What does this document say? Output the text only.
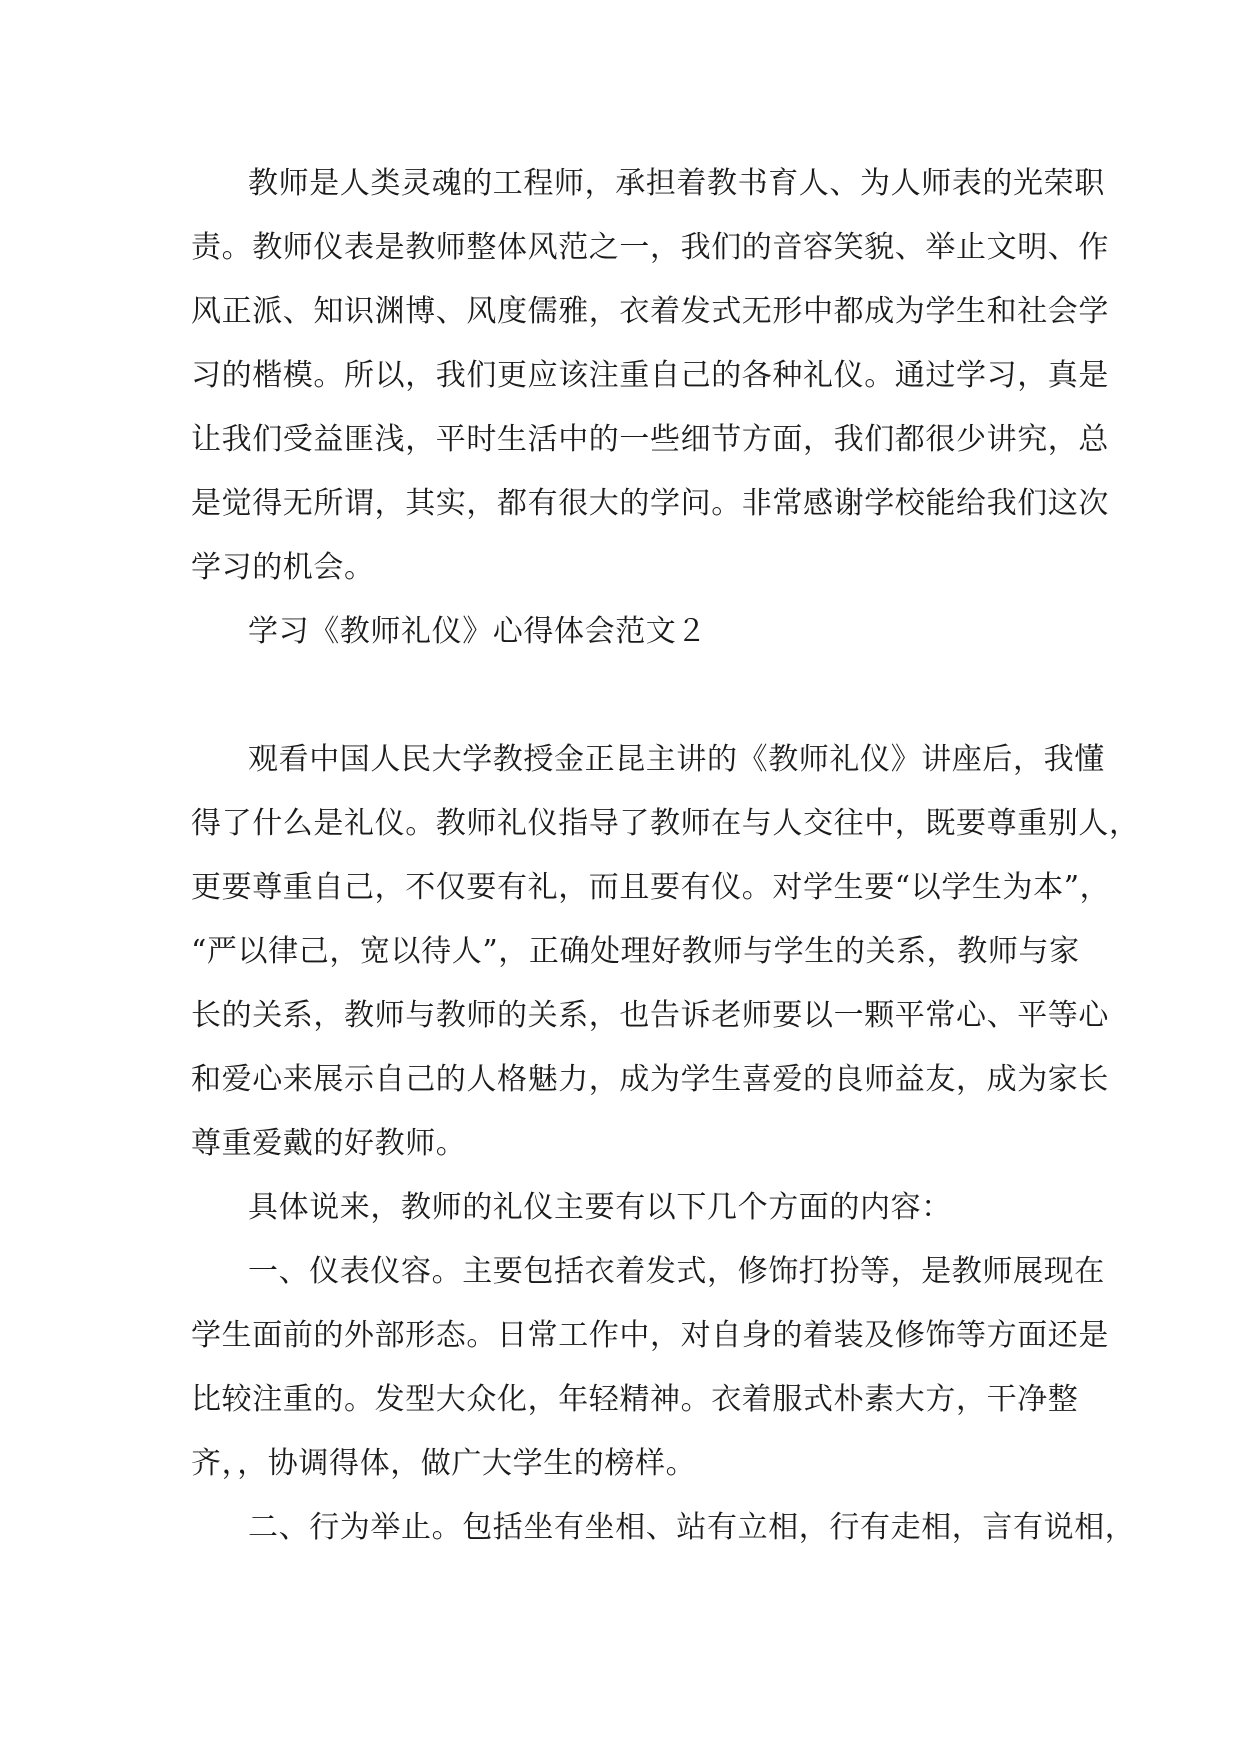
教师是人类灵魂的工程师，承担着教书育人、为人师表的光荣职
责。教师仪表是教师整体风范之一，我们的音容笑貌、举止文明、作
风正派、知识渊博、风度儒雅，衣着发式无形中都成为学生和社会学
习的楷模。所以，我们更应该注重自己的各种礼仪。通过学习，真是
让我们受益匪浅，平时生活中的一些细节方面，我们都很少讲究，总
是觉得无所谓，其实，都有很大的学问。非常感谢学校能给我们这次
学习的机会。
学习《教师礼仪》心得体会范文２
观看中国人民大学教授金正昆主讲的《教师礼仪》讲座后，我懂
得了什么是礼仪。教师礼仪指导了教师在与人交往中，既要尊重别人，
更要尊重自己，不仅要有礼，而且要有仪。对学生要“以学生为本”，
“严以律己，宽以待人”，正确处理好教师与学生的关系，教师与家
长的关系，教师与教师的关系，也告诉老师要以一颗平常心、平等心
和爱心来展示自己的人格魅力，成为学生喜爱的良师益友，成为家长
尊重爱戴的好教师。
具体说来，教师的礼仪主要有以下几个方面的内容：
一、仪表仪容。主要包括衣着发式，修饰打扮等，是教师展现在
学生面前的外部形态。日常工作中，对自身的着装及修饰等方面还是
比较注重的。发型大众化，年轻精神。衣着服式朴素大方，干净整
齐，，协调得体，做广大学生的榜样。
二、行为举止。包括坐有坐相、站有立相，行有走相，言有说相，
